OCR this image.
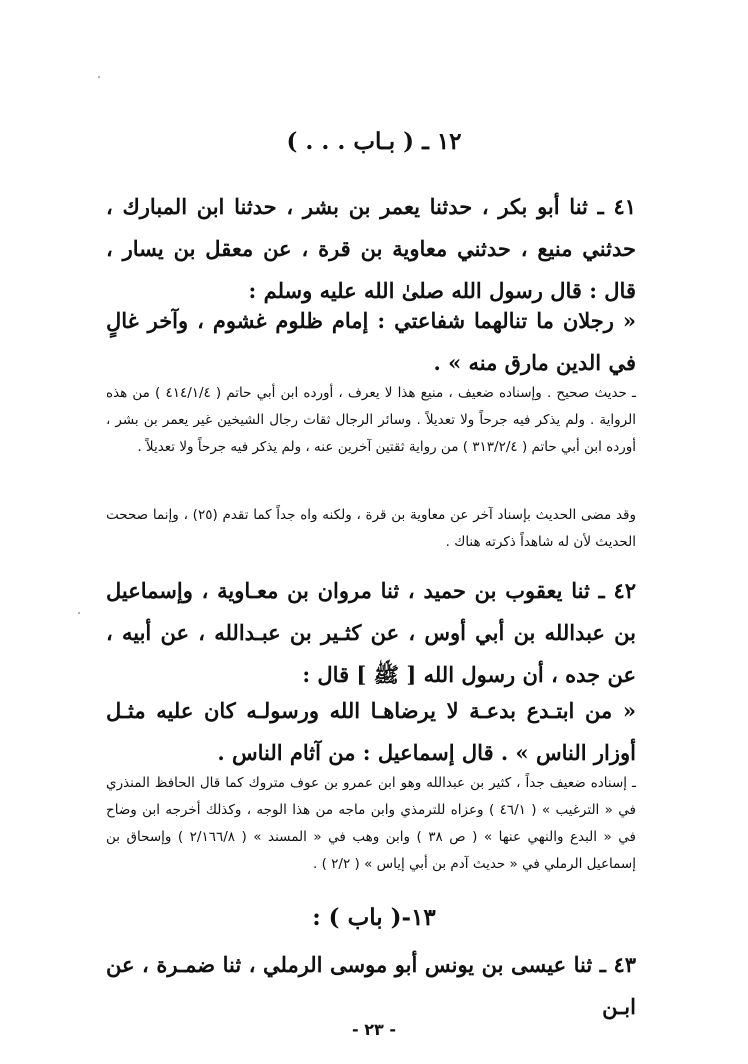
١٢ ـ ( بـاب . . . )
٤١ ـ ثنا أبو بكر ، حدثنا يعمر بن بشر ، حدثنا ابن المبارك ، حدثني منيع ، حدثني معاوية بن قرة ، عن معقل بن يسار ، قال : قال رسول الله صلىٰ الله عليه وسلم :
« رجلان ما تنالهما شفاعتي : إمام ظلوم غشوم ، وآخر غالٍ في الدين مارق منه » .
ـ حديث صحيح . وإسناده ضعيف ، منيع هذا لا يعرف ، أورده ابن أبي حاتم ( ٤١٤/١/٤ ) من هذه الرواية . ولم يذكر فيه جرحاً ولا تعديلاً . وسائر الرجال ثقات رجال الشيخين غير يعمر بن بشر ، أورده ابن أبي حاتم ( ٣١٣/٢/٤ ) من رواية ثقتين آخرين عنه ، ولم يذكر فيه جرحاً ولا تعديلاً .
وقد مضى الحديث بإسناد آخر عن معاوية بن قرة ، ولكنه واه جداً كما تقدم (٢٥) ، وإنما صححت الحديث لأن له شاهداً ذكرته هناك .
٤٢ ـ ثنا يعقوب بن حميد ، ثنا مروان بن معـاوية ، وإسماعيل بن عبدالله بن أبي أوس ، عن كثـير بن عبـدالله ، عن أبيه ، عن جده ، أن رسول الله [ ﷺ ] قال :
« من ابتـدع بدعـة لا يرضاهـا الله ورسولـه كان عليه مثـل أوزار الناس » . قال إسماعيل : من آثام الناس .
ـ إسناده ضعيف جداً ، كثير بن عبدالله وهو ابن عمرو بن عوف متروك كما قال الحافظ المنذري في « الترغيب » ( ٤٦/١ ) وعزاه للترمذي وابن ماجه من هذا الوجه ، وكذلك أخرجه ابن وضاح في « البدع والنهي عنها » ( ص ٣٨ ) وابن وهب في « المسند » ( ٢/١٦٦/٨ ) وإسحاق بن إسماعيل الرملي في « حديث آدم بن أبي إياس » ( ٢/٢ ) .
١٣-( باب ) :
٤٣ ـ ثنا عيسى بن يونس أبو موسى الرملي ، ثنا ضمـرة ، عن ابـن
- ٢٣ -
